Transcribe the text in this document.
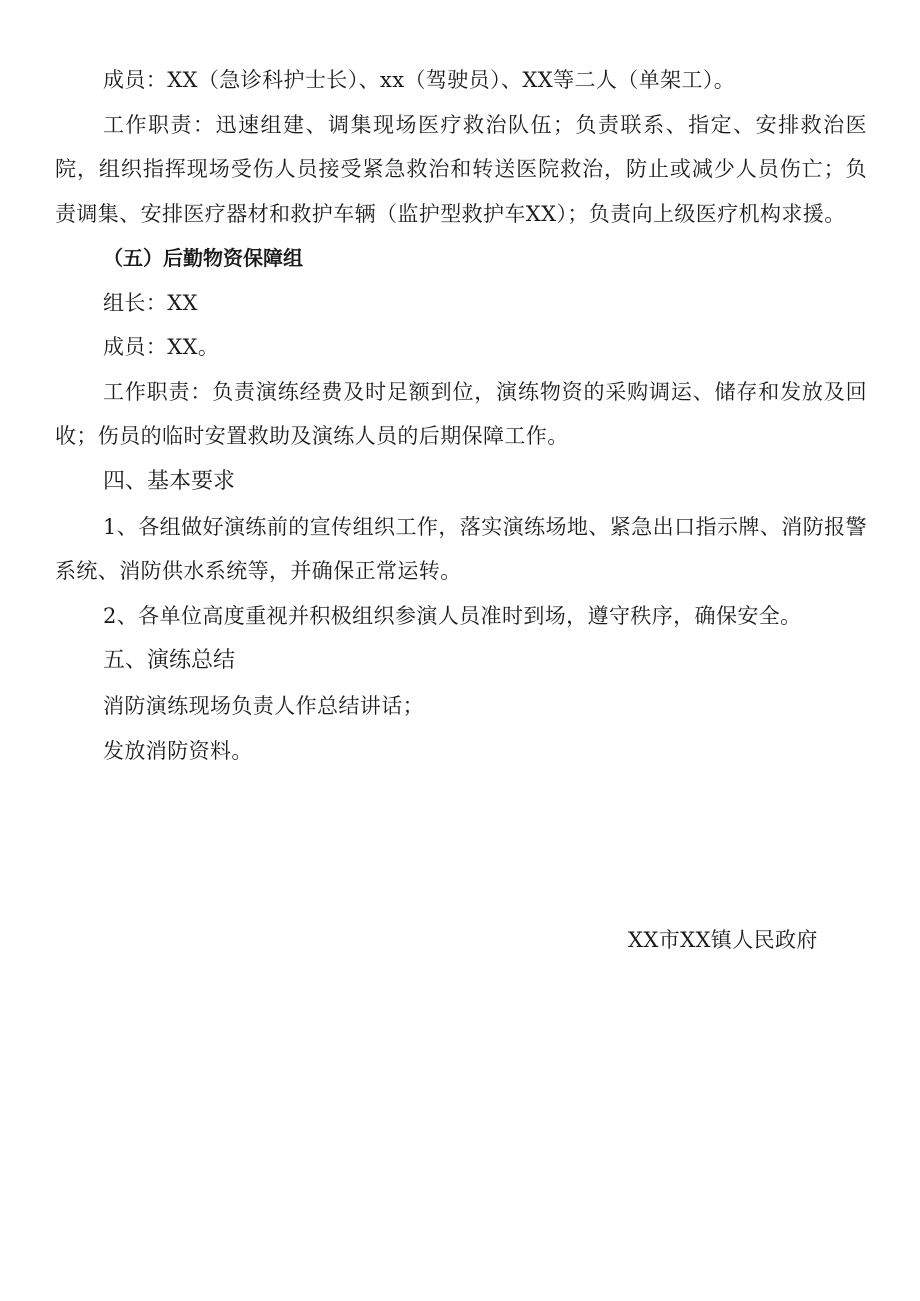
成员：XX（急诊科护士长）、xx（驾驶员）、XX等二人（单架工）。

工作职责：迅速组建、调集现场医疗救治队伍；负责联系、指定、安排救治医院，组织指挥现场受伤人员接受紧急救治和转送医院救治，防止或减少人员伤亡；负责调集、安排医疗器材和救护车辆（监护型救护车XX）；负责向上级医疗机构求援。

（五）后勤物资保障组

组长：XX

成员：XX。

工作职责：负责演练经费及时足额到位，演练物资的采购调运、储存和发放及回收；伤员的临时安置救助及演练人员的后期保障工作。

四、基本要求

1、各组做好演练前的宣传组织工作，落实演练场地、紧急出口指示牌、消防报警系统、消防供水系统等，并确保正常运转。

2、各单位高度重视并积极组织参演人员准时到场，遵守秩序，确保安全。

五、演练总结

消防演练现场负责人作总结讲话；

发放消防资料。

XX市XX镇人民政府
